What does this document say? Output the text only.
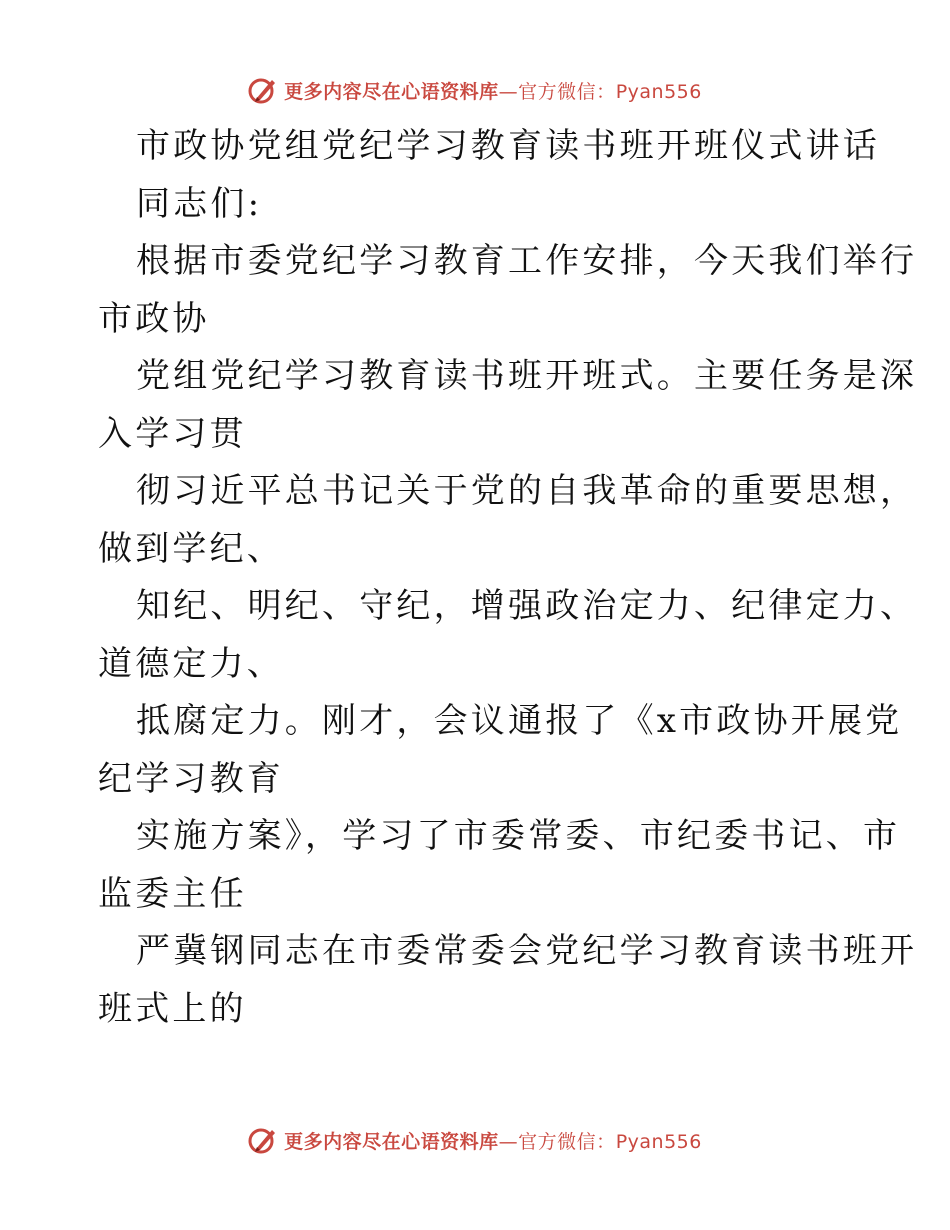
更多内容尽在心语资料库—官方微信：Pyan556
市政协党组党纪学习教育读书班开班仪式讲话
同志们:
根据市委党纪学习教育工作安排，今天我们举行
市政协
党组党纪学习教育读书班开班式。主要任务是深
入学习贯
彻习近平总书记关于党的自我革命的重要思想，
做到学纪、
知纪、明纪、守纪，增强政治定力、纪律定力、
道德定力、
抵腐定力。刚才，会议通报了《x市政协开展党
纪学习教育
实施方案》，学习了市委常委、市纪委书记、市
监委主任
严冀钢同志在市委常委会党纪学习教育读书班开
班式上的
更多内容尽在心语资料库—官方微信：Pyan556
